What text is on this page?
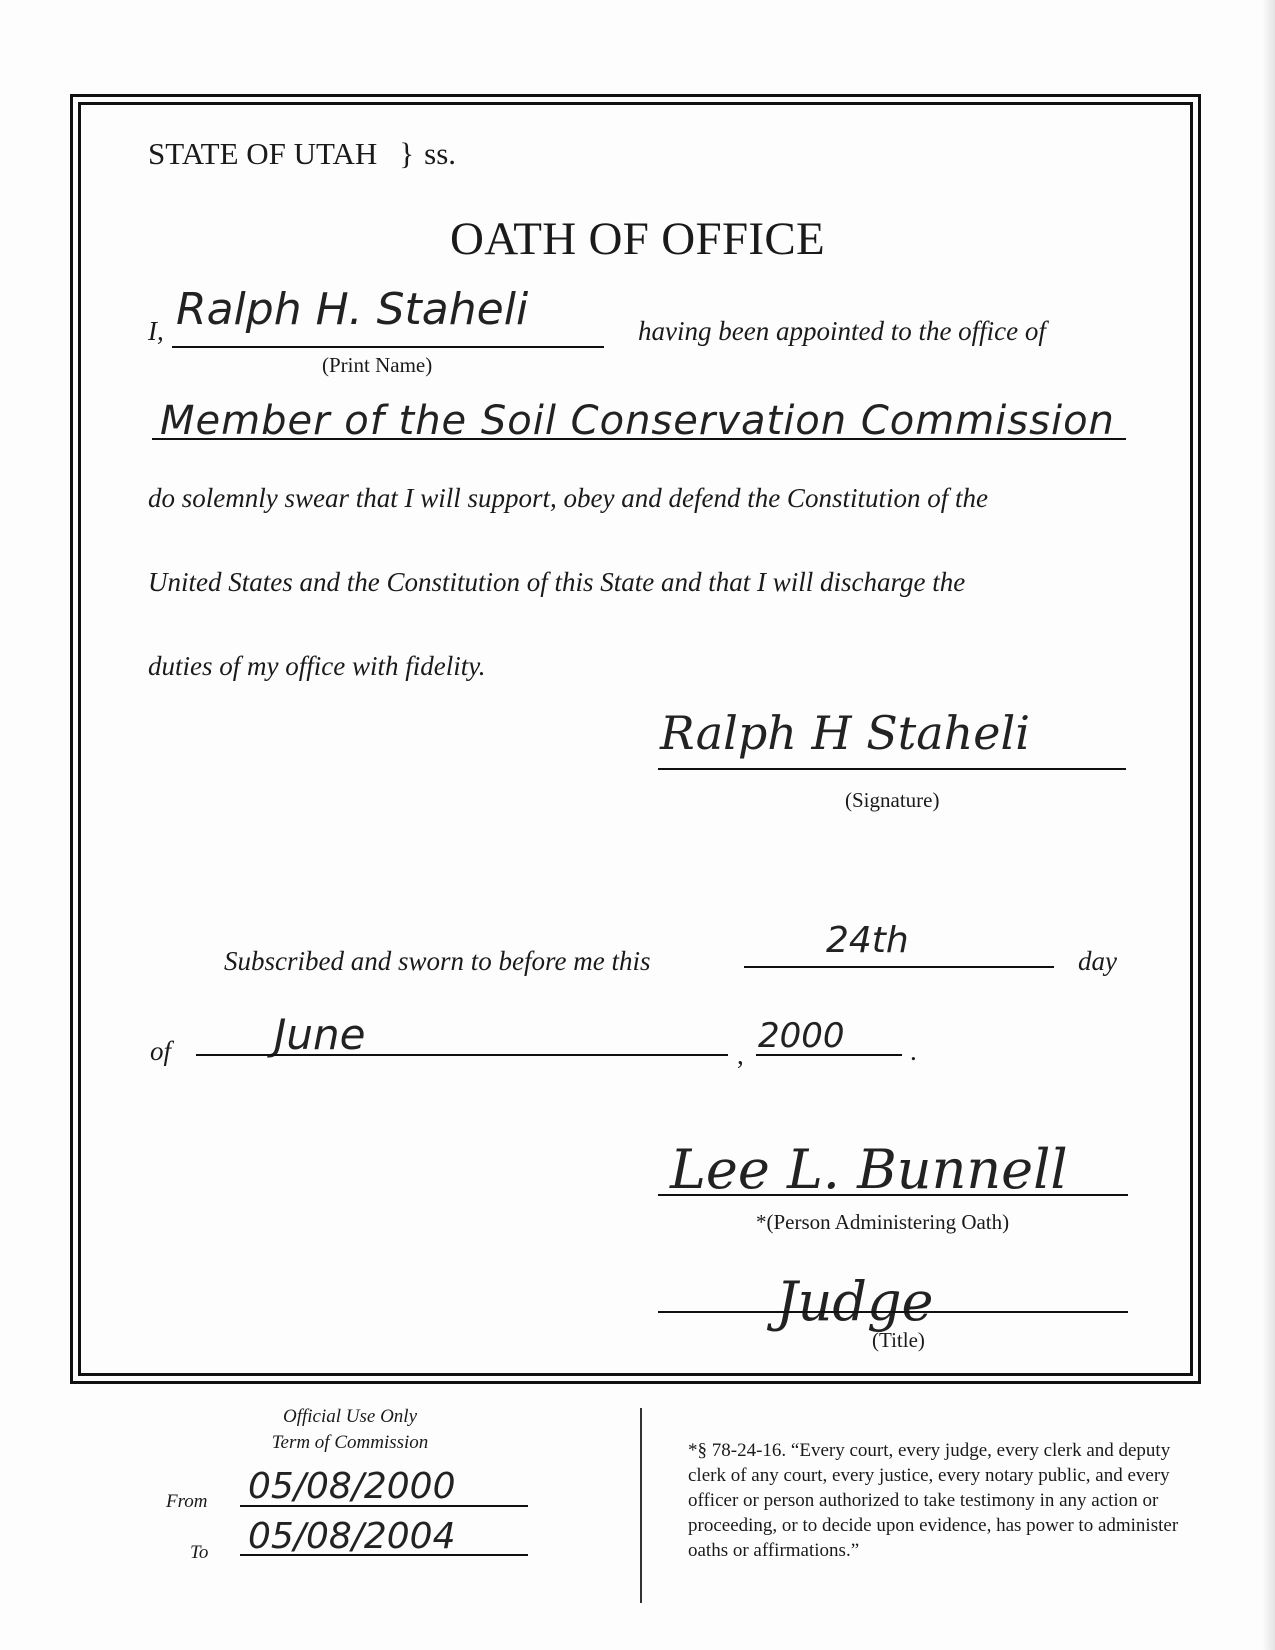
STATE OF UTAH } ss.
OATH OF OFFICE
I, Ralph H. Staheli
(Print Name)
having been appointed to the office of
Member of the Soil Conservation Commission
do solemnly swear that I will support, obey and defend the Constitution of the
United States and the Constitution of this State and that I will discharge the
duties of my office with fidelity.
Ralph H Staheli
(Signature)
Subscribed and sworn to before me this	24th	day
of June	, 2000 .
Lee L. Bunnell
*(Person Administering Oath)
Judge
(Title)
Official Use Only
Term of Commission
From 05/08/2000
To 05/08/2004
*§ 78-24-16. “Every court, every judge, every clerk and deputy clerk of any court, every justice, every notary public, and every officer or person authorized to take testimony in any action or proceeding, or to decide upon evidence, has power to administer oaths or affirmations.”
